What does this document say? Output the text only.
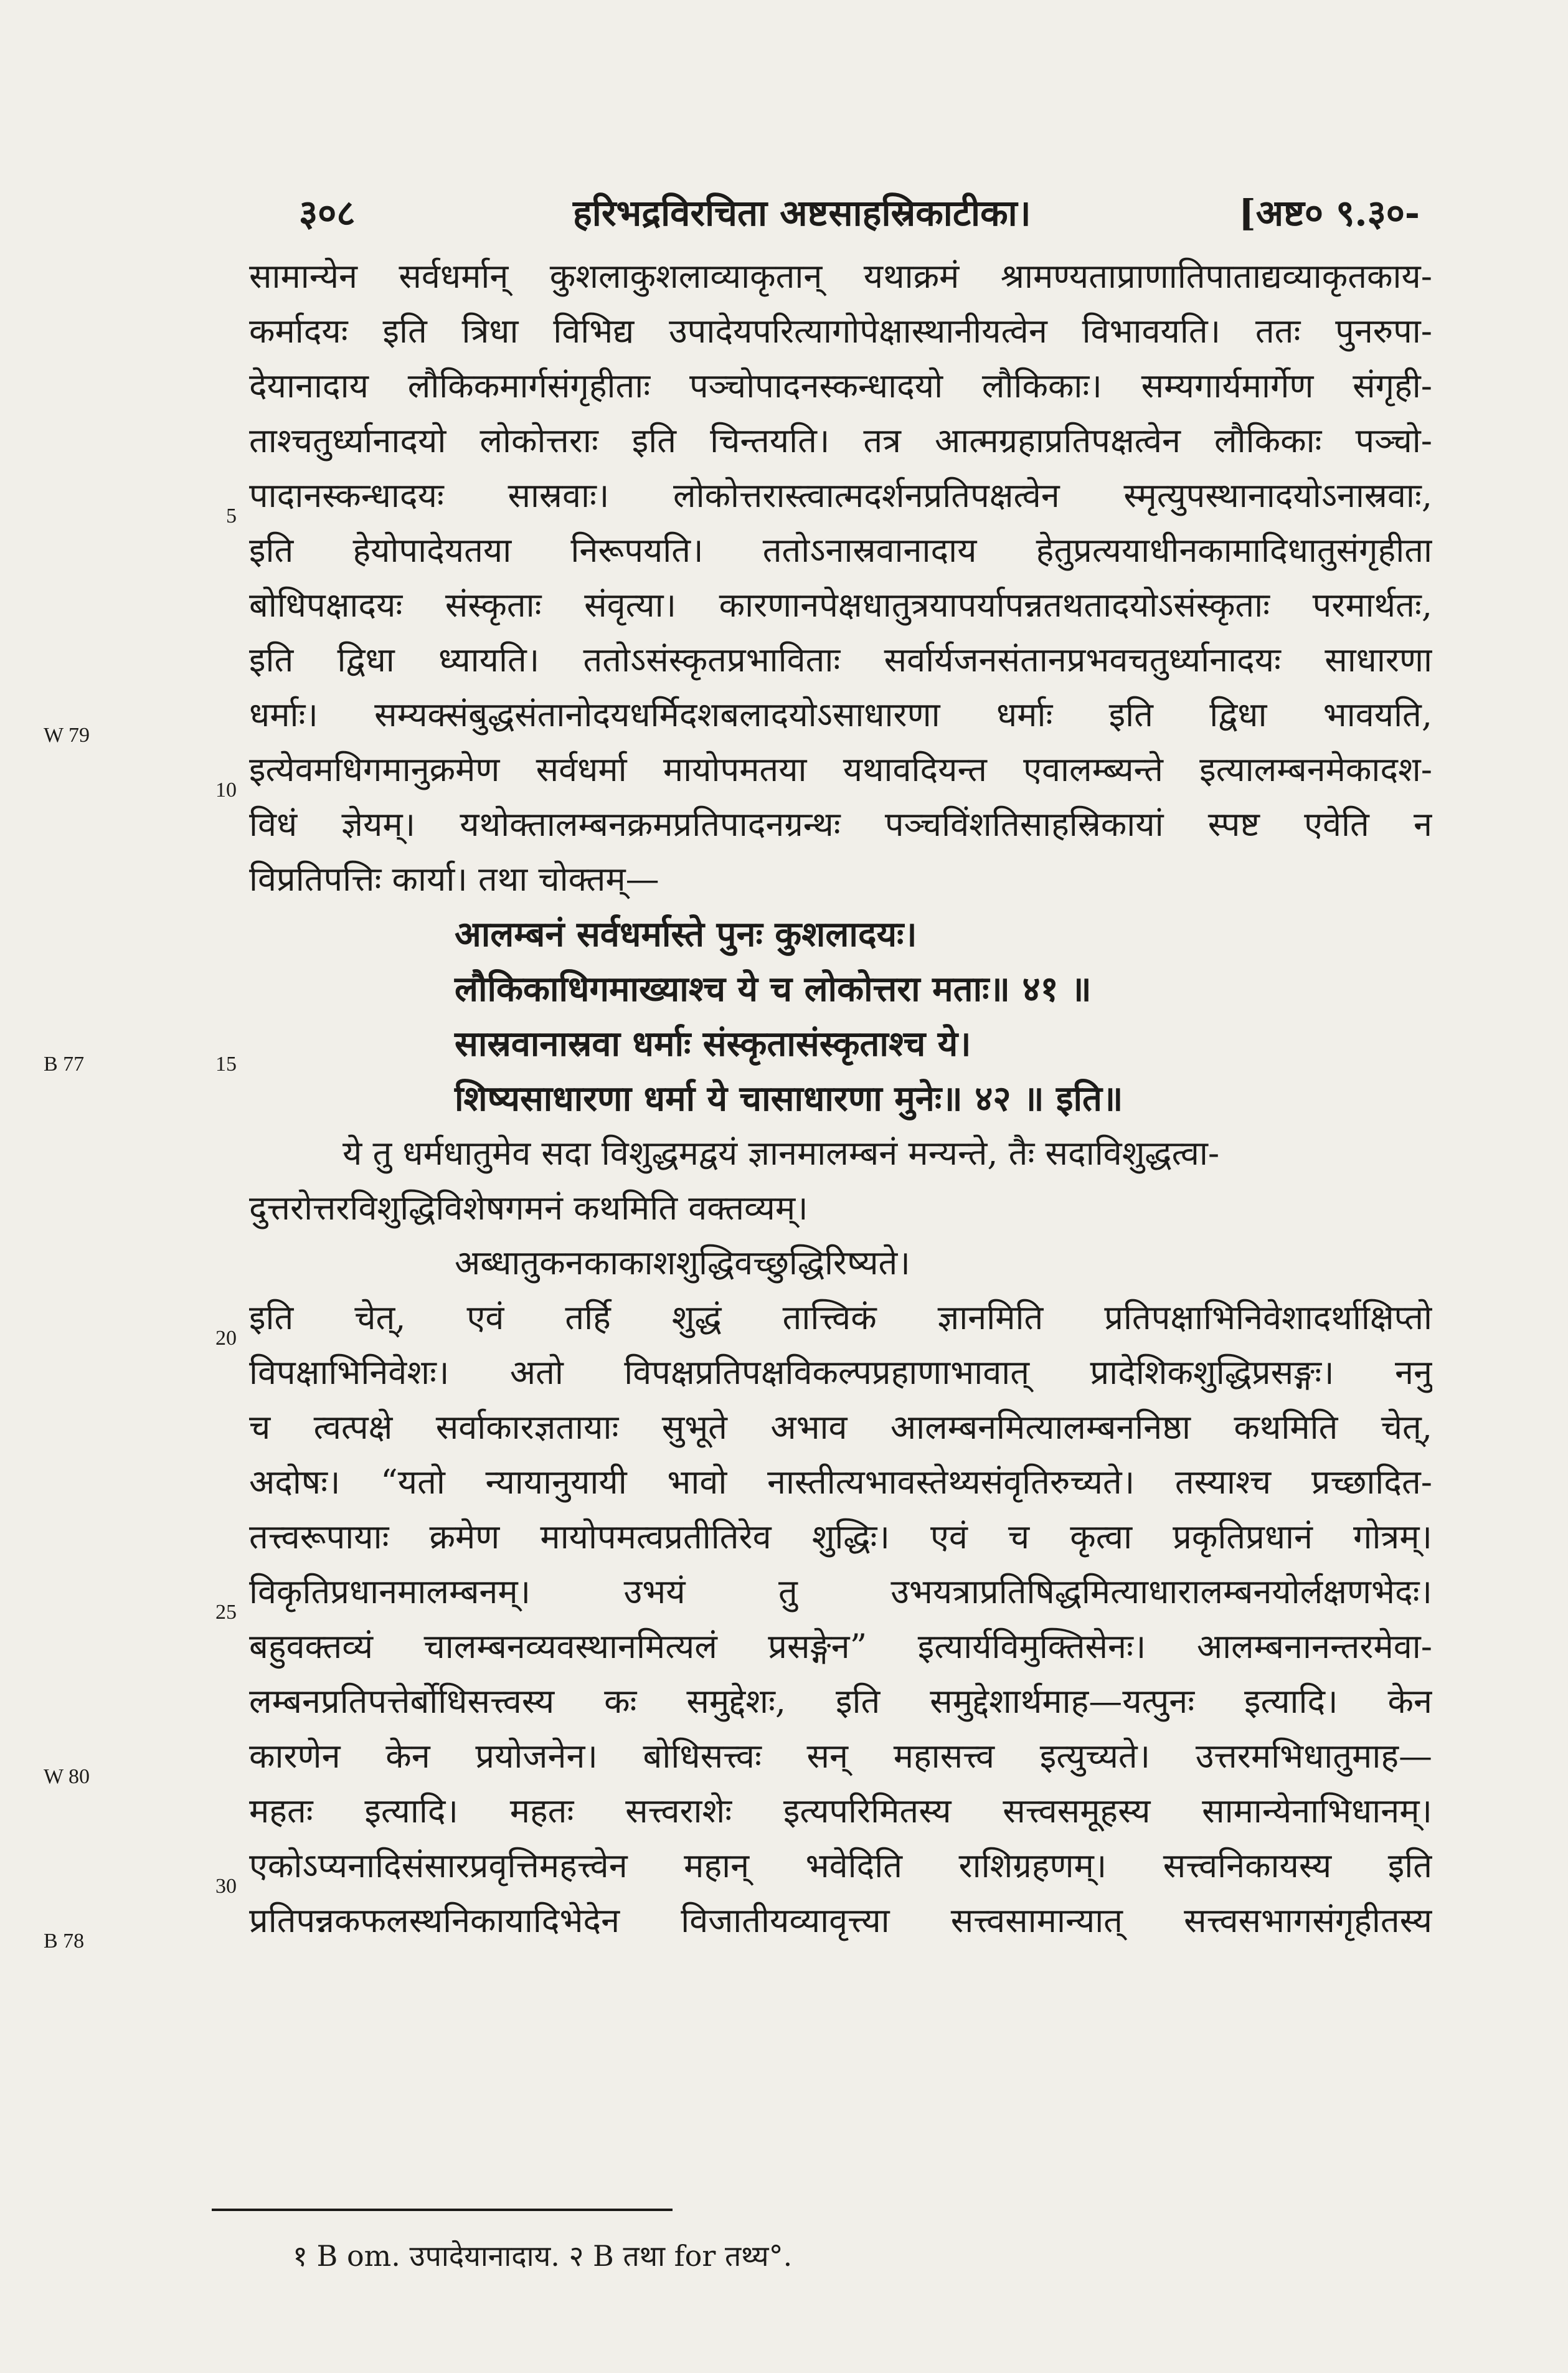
३०८	हरिभद्रविरचिता अष्टसाहस्रिकाटीका।	[अष्ट० ९.३०-
सामान्येन सर्वधर्मान् कुशलाकुशलाव्याकृतान् यथाक्रमं श्रामण्यताप्राणातिपाताद्यव्याकृतकाय-
कर्मादयः इति त्रिधा विभिद्य उपादेयपरित्यागोपेक्षास्थानीयत्वेन विभावयति। ततः पुनरुपा-
देयानादाय लौकिकमार्गसंगृहीताः पञ्चोपादनस्कन्धादयो लौकिकाः। सम्यगार्यमार्गेण संगृही-
ताश्चतुर्ध्यानादयो लोकोत्तराः इति चिन्तयति। तत्र आत्मग्रहाप्रतिपक्षत्वेन लौकिकाः पञ्चो-
पादानस्कन्धादयः सास्रवाः। लोकोत्तरास्त्वात्मदर्शनप्रतिपक्षत्वेन स्मृत्युपस्थानादयोऽनास्रवाः,
इति हेयोपादेयतया निरूपयति। ततोऽनास्रवानादाय हेतुप्रत्ययाधीनकामादिधातुसंगृहीता
बोधिपक्षादयः संस्कृताः संवृत्या। कारणानपेक्षधातुत्रयापर्यापन्नतथतादयोऽसंस्कृताः परमार्थतः,
इति द्विधा ध्यायति। ततोऽसंस्कृतप्रभाविताः सर्वार्यजनसंतानप्रभवचतुर्ध्यानादयः साधारणा
धर्माः। सम्यक्संबुद्धसंतानोदयधर्मिदशबलादयोऽसाधारणा धर्माः इति द्विधा भावयति,
इत्येवमधिगमानुक्रमेण सर्वधर्मा मायोपमतया यथावदियन्त एवालम्ब्यन्ते इत्यालम्बनमेकादश-
विधं ज्ञेयम्। यथोक्तालम्बनक्रमप्रतिपादनग्रन्थः पञ्चविंशतिसाहस्रिकायां स्पष्ट एवेति न
विप्रतिपत्तिः कार्या। तथा चोक्तम्—
आलम्बनं सर्वधर्मास्ते पुनः कुशलादयः।
लौकिकाधिगमाख्याश्च ये च लोकोत्तरा मताः॥ ४१ ॥
सास्रवानास्रवा धर्माः संस्कृतासंस्कृताश्च ये।
शिष्यसाधारणा धर्मा ये चासाधारणा मुनेः॥ ४२ ॥ इति॥
ये तु धर्मधातुमेव सदा विशुद्धमद्वयं ज्ञानमालम्बनं मन्यन्ते, तैः सदाविशुद्धत्वा-
दुत्तरोत्तरविशुद्धिविशेषगमनं कथमिति वक्तव्यम्।
अब्धातुकनकाकाशशुद्धिवच्छुद्धिरिष्यते।
इति चेत्, एवं तर्हि शुद्धं तात्त्विकं ज्ञानमिति प्रतिपक्षाभिनिवेशादर्थाक्षिप्तो
विपक्षाभिनिवेशः। अतो विपक्षप्रतिपक्षविकल्पप्रहाणाभावात् प्रादेशिकशुद्धिप्रसङ्गः। ननु
च त्वत्पक्षे सर्वाकारज्ञतायाः सुभूते अभाव आलम्बनमित्यालम्बननिष्ठा कथमिति चेत्,
अदोषः। “यतो न्यायानुयायी भावो नास्तीत्यभावस्तेथ्यसंवृतिरुच्यते। तस्याश्च प्रच्छादित-
तत्त्वरूपायाः क्रमेण मायोपमत्वप्रतीतिरेव शुद्धिः। एवं च कृत्वा प्रकृतिप्रधानं गोत्रम्।
विकृतिप्रधानमालम्बनम्। उभयं तु उभयत्राप्रतिषिद्धमित्याधारालम्बनयोर्लक्षणभेदः।
बहुवक्तव्यं चालम्बनव्यवस्थानमित्यलं प्रसङ्गेन” इत्यार्यविमुक्तिसेनः। आलम्बनानन्तरमेवा-
लम्बनप्रतिपत्तेर्बोधिसत्त्वस्य कः समुद्देशः, इति समुद्देशार्थमाह—यत्पुनः इत्यादि। केन
कारणेन केन प्रयोजनेन। बोधिसत्त्वः सन् महासत्त्व इत्युच्यते। उत्तरमभिधातुमाह—
महतः इत्यादि। महतः सत्त्वराशेः इत्यपरिमितस्य सत्त्वसमूहस्य सामान्येनाभिधानम्।
एकोऽप्यनादिसंसारप्रवृत्तिमहत्त्वेन महान् भवेदिति राशिग्रहणम्। सत्त्वनिकायस्य इति
प्रतिपन्नकफलस्थनिकायादिभेदेन विजातीयव्यावृत्त्या सत्त्वसामान्यात् सत्त्वसभागसंगृहीतस्य
5
10
15
20
25
30
W 79
B 77
W 80
B 78
१ B om. उपादेयानादाय. २ B तथा for तथ्य°.
